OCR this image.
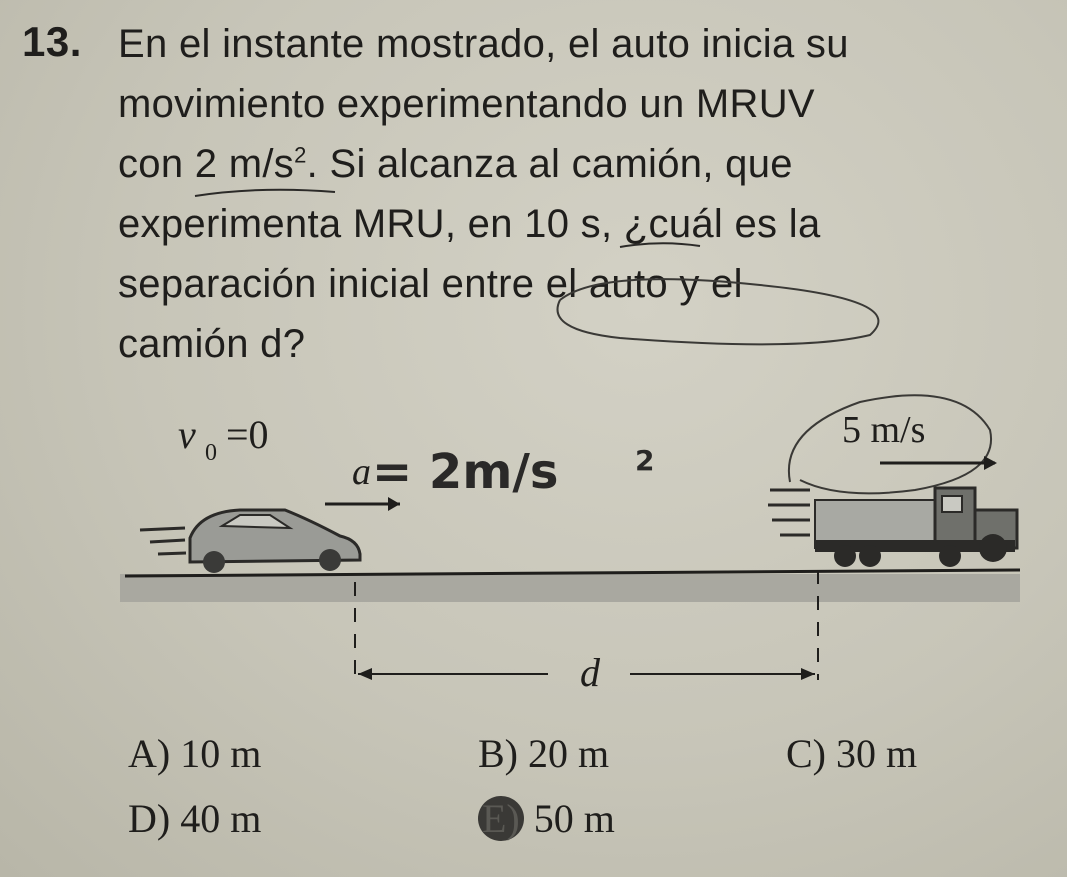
13. En el instante mostrado, el auto inicia su
movimiento experimentando un MRUV
con 2 $m/s^2$. Si alcanza al camión, que
experimenta MRU, en 10 s, ¿cuál es la
separación inicial entre el auto y el
camión d?
v 0 =0
a = 2m/s	2
5 m/s
d
A) 10 m	B) 20 m	C) 30 m
D) 40 m	E) 50 m
